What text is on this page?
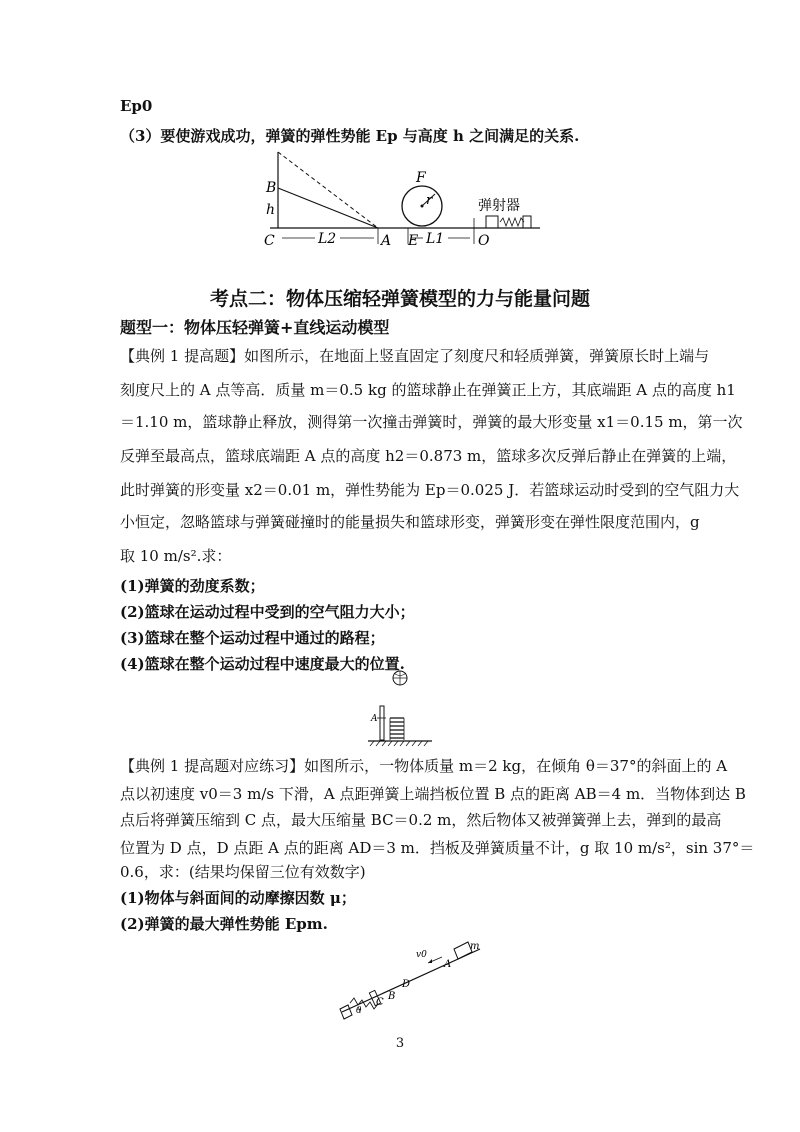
Ep0
（3）要使游戏成功，弹簧的弹性势能 Ep 与高度 h 之间满足的关系.
B
h
C	L2	A E L1 O
F
r	弹射器
考点二：物体压缩轻弹簧模型的力与能量问题
题型一：物体压轻弹簧+直线运动模型
【典例 1 提高题】如图所示，在地面上竖直固定了刻度尺和轻质弹簧，弹簧原长时上端与
刻度尺上的 A 点等高．质量 m＝0.5 kg 的篮球静止在弹簧正上方，其底端距 A 点的高度 h1
＝1.10 m，篮球静止释放，测得第一次撞击弹簧时，弹簧的最大形变量 x1＝0.15 m，第一次
反弹至最高点，篮球底端距 A 点的高度 h2＝0.873 m，篮球多次反弹后静止在弹簧的上端，
此时弹簧的形变量 x2＝0.01 m，弹性势能为 Ep＝0.025 J．若篮球运动时受到的空气阻力大
小恒定，忽略篮球与弹簧碰撞时的能量损失和篮球形变，弹簧形变在弹性限度范围内，g
取 10 m/s².求：
(1)弹簧的劲度系数；
(2)篮球在运动过程中受到的空气阻力大小；
(3)篮球在整个运动过程中通过的路程；
(4)篮球在整个运动过程中速度最大的位置.
A
【典例 1 提高题对应练习】如图所示，一物体质量 m＝2 kg，在倾角 θ＝37°的斜面上的 A
点以初速度 v0＝3 m/s 下滑，A 点距弹簧上端挡板位置 B 点的距离 AB＝4 m．当物体到达 B
点后将弹簧压缩到 C 点，最大压缩量 BC＝0.2 m，然后物体又被弹簧弹上去，弹到的最高
位置为 D 点，D 点距 A 点的距离 AD＝3 m．挡板及弹簧质量不计，g 取 10 m/s²，sin 37°＝
0.6，求：(结果均保留三位有效数字)
(1)物体与斜面间的动摩擦因数 μ；
(2)弹簧的最大弹性势能 Epm.
v0
m
A
D
B
C
θ
3
